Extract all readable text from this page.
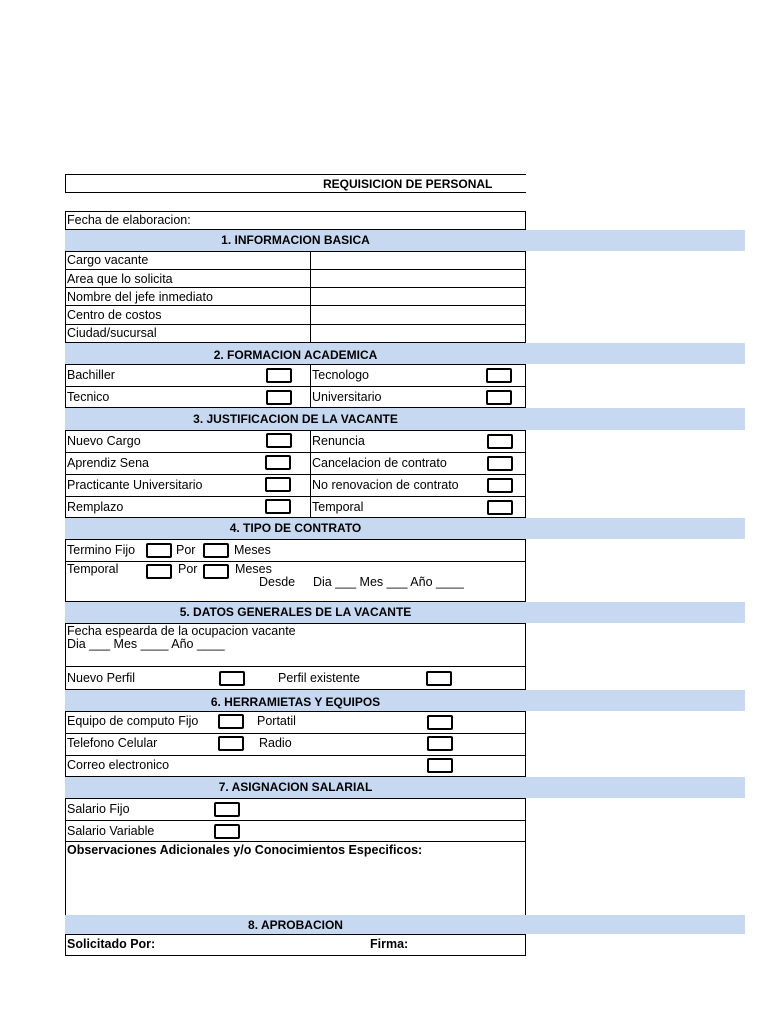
REQUISICION DE PERSONAL
Fecha de elaboracion:
1. INFORMACION BASICA
Cargo vacante
Area que lo solicita
Nombre del jefe inmediato
Centro de costos
Ciudad/sucursal
2. FORMACION ACADEMICA
Bachiller	Tecnologo
Tecnico	Universitario
3. JUSTIFICACION DE LA VACANTE
Nuevo Cargo	Renuncia
Aprendiz Sena	Cancelacion de contrato
Practicante Universitario	No renovacion de contrato
Remplazo	Temporal
4. TIPO DE CONTRATO
Termino Fijo	Por	Meses
Temporal	Por	Meses
Desde Dia ___ Mes ___ Año ____
5. DATOS GENERALES DE LA VACANTE
Fecha espearda de la ocupacion vacante
Dia ___ Mes ____ Año ____
Nuevo Perfil	Perfil existente
6. HERRAMIETAS Y EQUIPOS
Equipo de computo Fijo	Portatil
Telefono Celular	Radio
Correo electronico
7. ASIGNACION SALARIAL
Salario Fijo
Salario Variable
Observaciones Adicionales y/o Conocimientos Especificos:
8. APROBACION
Solicitado Por:	Firma:
